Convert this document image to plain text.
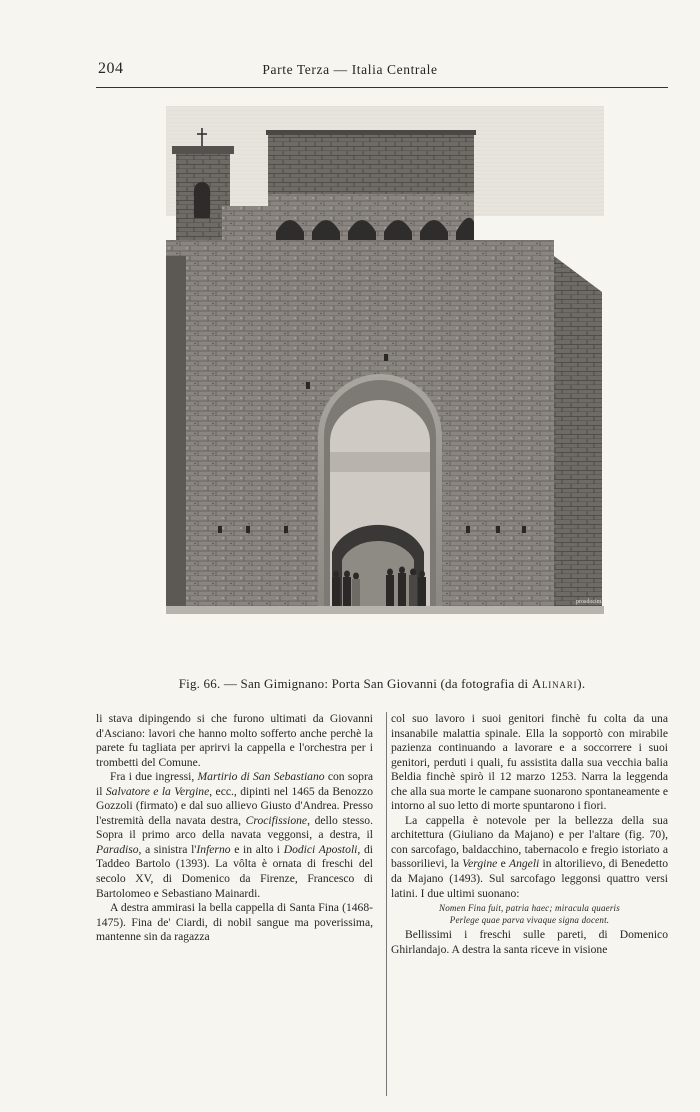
204	Parte Terza — Italia Centrale
prosdocimi
Fig. 66. — San Gimignano: Porta San Giovanni (da fotografia di Alinari).

li stava dipingendo si che furono ultimati da Giovanni d'Asciano: lavori che hanno molto sofferto anche perchè la parete fu tagliata per aprirvi la cappella e l'orchestra per i trombetti del Comune.

Fra i due ingressi, Martirio di San Sebastiano con sopra il Salvatore e la Vergine, ecc., dipinti nel 1465 da Benozzo Gozzoli (firmato) e dal suo allievo Giusto d'Andrea. Presso l'estremità della navata destra, Crocifissione, dello stesso. Sopra il primo arco della navata veggonsi, a destra, il Paradiso, a sinistra l'Inferno e in alto i Dodici Apostoli, di Taddeo Bartolo (1393). La vôlta è ornata di freschi del secolo XV, di Domenico da Firenze, Francesco di Bartolomeo e Sebastiano Mainardi.

A destra ammirasi la bella cappella di Santa Fina (1468-1475). Fina de' Ciardi, di nobil sangue ma poverissima, mantenne sin da ragazza

col suo lavoro i suoi genitori finchè fu colta da una insanabile malattia spinale. Ella la sopportò con mirabile pazienza continuando a lavorare e a soccorrere i suoi genitori, perduti i quali, fu assistita dalla sua vecchia balia Beldia finchè spirò il 12 marzo 1253. Narra la leggenda che alla sua morte le campane suonarono spontaneamente e intorno al suo letto di morte spuntarono i fiori.

La cappella è notevole per la bellezza della sua architettura (Giuliano da Majano) e per l'altare (fig. 70), con sarcofago, baldacchino, tabernacolo e fregio istoriato a bassorilievi, la Vergine e Angeli in altorilievo, di Benedetto da Majano (1493). Sul sarcofago leggonsi quattro versi latini. I due ultimi suonano:

Nomen Fina fuit, patria haec; miracula quaeris
Perlege quae parva vivaque signa docent.

Bellissimi i freschi sulle pareti, di Domenico Ghirlandajo. A destra la santa riceve in visione
